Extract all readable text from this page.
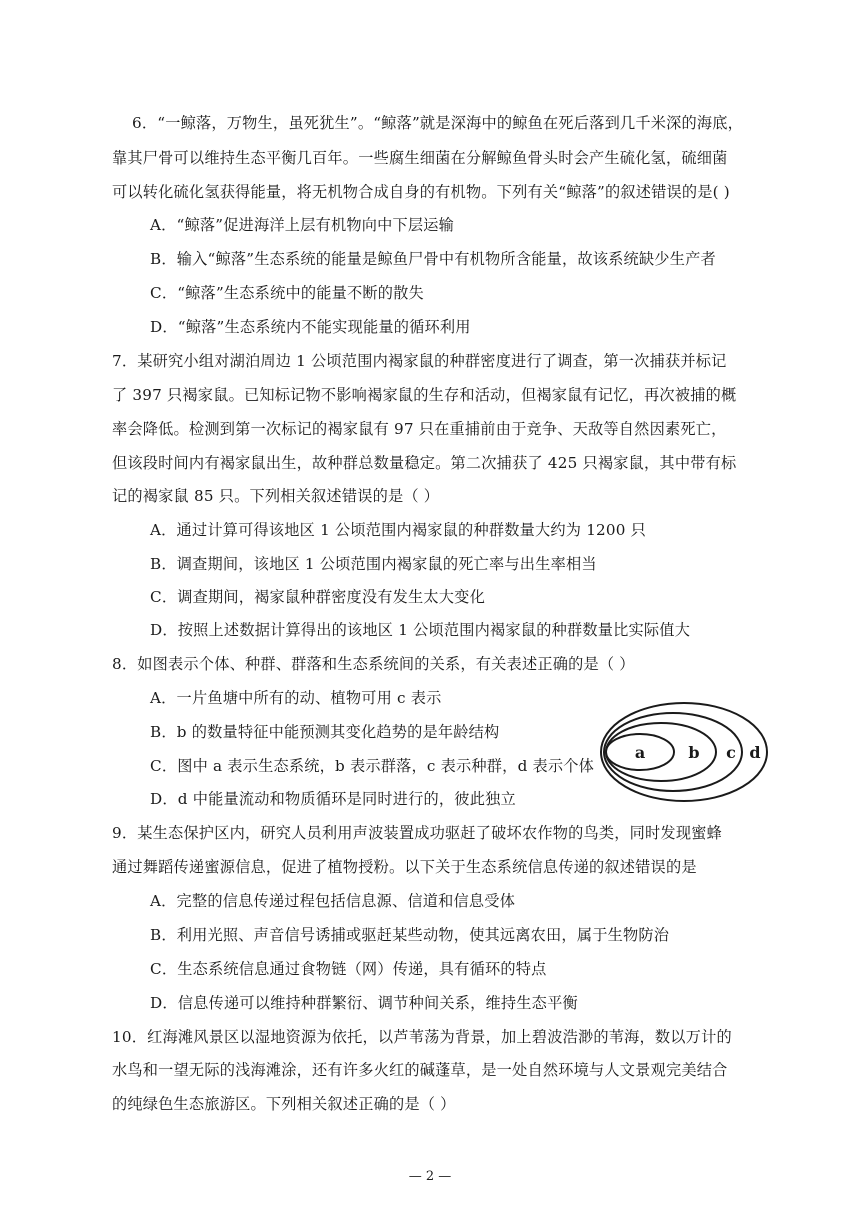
6．“一鲸落，万物生，虽死犹生”。“鲸落”就是深海中的鲸鱼在死后落到几千米深的海底，
靠其尸骨可以维持生态平衡几百年。一些腐生细菌在分解鲸鱼骨头时会产生硫化氢，硫细菌
可以转化硫化氢获得能量，将无机物合成自身的有机物。下列有关“鲸落”的叙述错误的是( )
A．“鲸落”促进海洋上层有机物向中下层运输
B．输入“鲸落”生态系统的能量是鲸鱼尸骨中有机物所含能量，故该系统缺少生产者
C．“鲸落”生态系统中的能量不断的散失
D．“鲸落”生态系统内不能实现能量的循环利用
7．某研究小组对湖泊周边 1 公顷范围内褐家鼠的种群密度进行了调查，第一次捕获并标记
了 397 只褐家鼠。已知标记物不影响褐家鼠的生存和活动，但褐家鼠有记忆，再次被捕的概
率会降低。检测到第一次标记的褐家鼠有 97 只在重捕前由于竞争、天敌等自然因素死亡，
但该段时间内有褐家鼠出生，故种群总数量稳定。第二次捕获了 425 只褐家鼠，其中带有标
记的褐家鼠 85 只。下列相关叙述错误的是（ ）
A．通过计算可得该地区 1 公顷范围内褐家鼠的种群数量大约为 1200 只
B．调查期间，该地区 1 公顷范围内褐家鼠的死亡率与出生率相当
C．调查期间，褐家鼠种群密度没有发生太大变化
D．按照上述数据计算得出的该地区 1 公顷范围内褐家鼠的种群数量比实际值大
8．如图表示个体、种群、群落和生态系统间的关系，有关表述正确的是（ ）
A．一片鱼塘中所有的动、植物可用 c 表示
B．b 的数量特征中能预测其变化趋势的是年龄结构
C．图中 a 表示生态系统，b 表示群落，c 表示种群，d 表示个体
D．d 中能量流动和物质循环是同时进行的，彼此独立
a	b c d
9．某生态保护区内，研究人员利用声波装置成功驱赶了破坏农作物的鸟类，同时发现蜜蜂
通过舞蹈传递蜜源信息，促进了植物授粉。以下关于生态系统信息传递的叙述错误的是
A．完整的信息传递过程包括信息源、信道和信息受体
B．利用光照、声音信号诱捕或驱赶某些动物，使其远离农田，属于生物防治
C．生态系统信息通过食物链（网）传递，具有循环的特点
D．信息传递可以维持种群繁衍、调节种间关系，维持生态平衡
10．红海滩风景区以湿地资源为依托，以芦苇荡为背景，加上碧波浩渺的苇海，数以万计的
水鸟和一望无际的浅海滩涂，还有许多火红的碱蓬草，是一处自然环境与人文景观完美结合
的纯绿色生态旅游区。下列相关叙述正确的是（ ）
— 2 —
